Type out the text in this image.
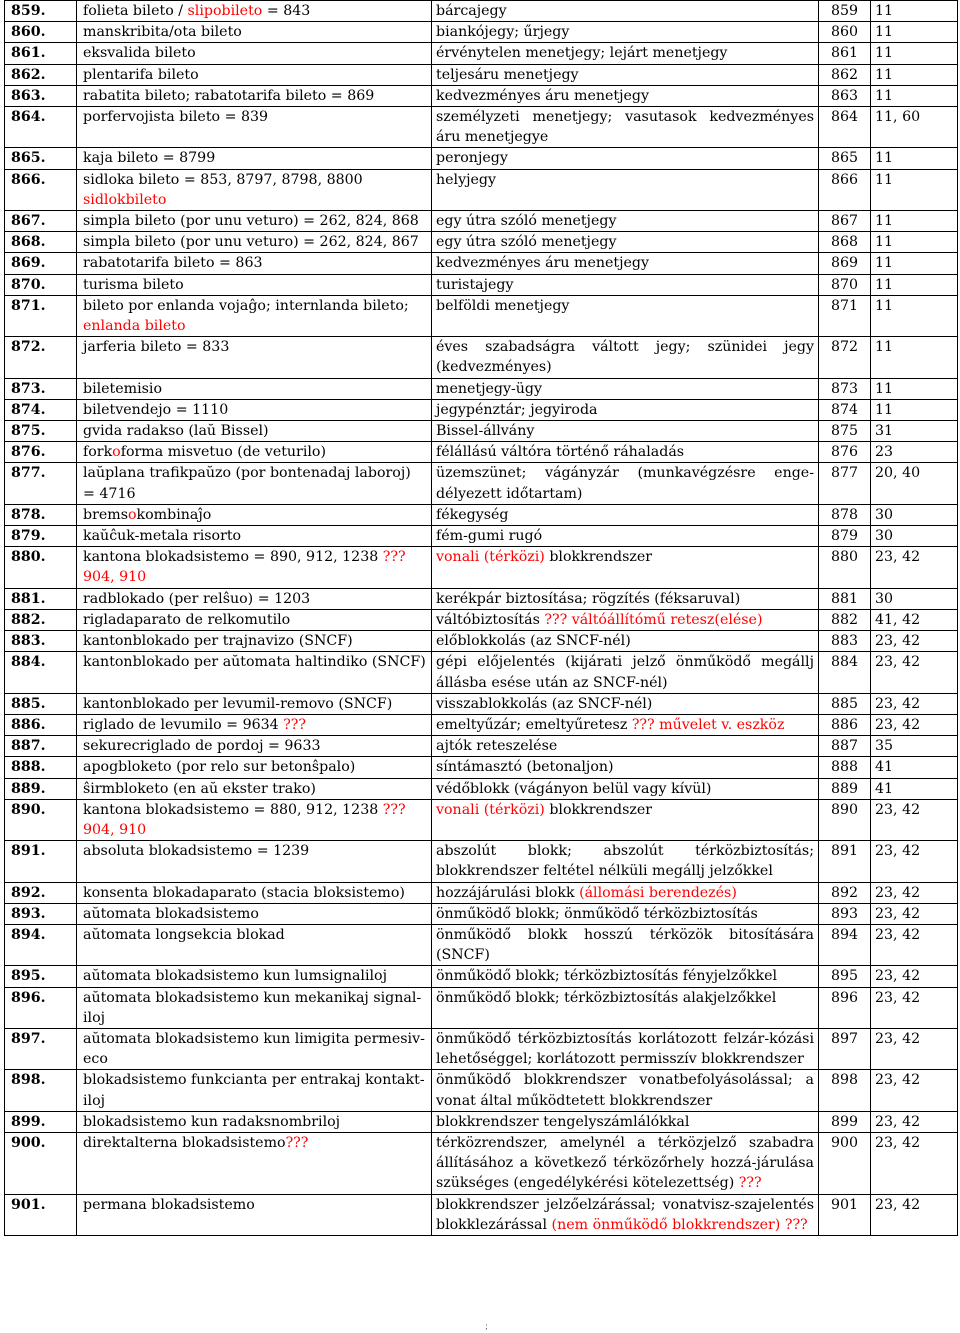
859.	folieta bileto / slipobileto = 843	bárcajegy	859	11
860.	manskribita/ota bileto	biankójegy; űrjegy	860	11
861.	eksvalida bileto	érvénytelen menetjegy; lejárt menetjegy	861	11
862.	plentarifa bileto	teljesáru menetjegy	862	11
863.	rabatita bileto; rabatotarifa bileto = 869	kedvezményes áru menetjegy	863	11
864.	porfervojista bileto = 839	személyzeti menetjegy; vasutasok kedvezményes áru menetjegye	864	11, 60
865.	kaja bileto = 8799	peronjegy	865	11
866.	sidloka bileto = 853, 8797, 8798, 8800 sidlokbileto	helyjegy	866	11
867.	simpla bileto (por unu veturo) = 262, 824, 868	egy útra szóló menetjegy	867	11
868.	simpla bileto (por unu veturo) = 262, 824, 867	egy útra szóló menetjegy	868	11
869.	rabatotarifa bileto = 863	kedvezményes áru menetjegy	869	11
870.	turisma bileto	turistajegy	870	11
871.	bileto por enlanda vojaĝo; internlanda bileto; enlanda bileto	belföldi menetjegy	871	11
872.	jarferia bileto = 833	éves szabadságra váltott jegy; szünidei jegy (kedvezményes)	872	11
873.	biletemisio	menetjegy-ügy	873	11
874.	biletvendejo = 1110	jegypénztár; jegyiroda	874	11
875.	gvida radakso (laŭ Bissel)	Bissel-állvány	875	31
876.	forkoforma misvetuo (de veturilo)	félállású váltóra történő ráhaladás	876	23
877.	laŭplana trafikpaŭzo (por bontenadaj laboroj) = 4716	üzemszünet; vágányzár (munkavégzésre enge-délyezett időtartam)	877	20, 40
878.	bremsokombinaĵo	fékegység	878	30
879.	kaŭĉuk-metala risorto	fém-gumi rugó	879	30
880.	kantona blokadsistemo = 890, 912, 1238 ??? 904, 910	vonali (térközi) blokkrendszer	880	23, 42
881.	radblokado (per relŝuo) = 1203	kerékpár biztosítása; rögzítés (féksaruval)	881	30
882.	rigladaparato de relkomutilo	váltóbiztosítás ??? váltóállítómű retesz(elése)	882	41, 42
883.	kantonblokado per trajnavizo (SNCF)	előblokkolás (az SNCF-nél)	883	23, 42
884.	kantonblokado per aŭtomata haltindiko (SNCF)	gépi előjelentés (kijárati jelző önműködő megállj állásba esése után az SNCF-nél)	884	23, 42
885.	kantonblokado per levumil-removo (SNCF)	visszablokkolás (az SNCF-nél)	885	23, 42
886.	riglado de levumilo = 9634 ???	emeltyűzár; emeltyűretesz ??? művelet v. eszköz	886	23, 42
887.	sekurecriglado de pordoj = 9633	ajtók reteszelése	887	35
888.	apogbloketo (por relo sur betonŝpalo)	síntámasztó (betonaljon)	888	41
889.	ŝirmbloketo (en aŭ ekster trako)	védőblokk (vágányon belül vagy kívül)	889	41
890.	kantona blokadsistemo = 880, 912, 1238 ??? 904, 910	vonali (térközi) blokkrendszer	890	23, 42
891.	absoluta blokadsistemo = 1239	abszolút blokk; abszolút térközbiztosítás; blokkrendszer feltétel nélküli megállj jelzőkkel	891	23, 42
892.	konsenta blokadaparato (stacia bloksistemo)	hozzájárulási blokk (állomási berendezés)	892	23, 42
893.	aŭtomata blokadsistemo	önműködő blokk; önműködő térközbiztosítás	893	23, 42
894.	aŭtomata longsekcia blokad	önműködő blokk hosszú térközök bitosítására (SNCF)	894	23, 42
895.	aŭtomata blokadsistemo kun lumsignaliloj	önműködő blokk; térközbiztosítás fényjelzőkkel	895	23, 42
896.	aŭtomata blokadsistemo kun mekanikaj signal-iloj	önműködő blokk; térközbiztosítás alakjelzőkkel	896	23, 42
897.	aŭtomata blokadsistemo kun limigita permesiv-eco	önműködő térközbiztosítás korlátozott felzár-kózási lehetőséggel; korlátozott permisszív blokkrendszer	897	23, 42
898.	blokadsistemo funkcianta per entrakaj kontakt-iloj	önműködő blokkrendszer vonatbefolyásolással; a vonat által működtetett blokkrendszer	898	23, 42
899.	blokadsistemo kun radaksnombriloj	blokkrendszer tengelyszámlálókkal	899	23, 42
900.	direktalterna blokadsistemo???	térközrendszer, amelynél a térközjelző szabadra állításához a következő térközőrhely hozzá-járulása szükséges (engedélykérési kötelezettség) ???	900	23, 42
901.	permana blokadsistemo	blokkrendszer jelzőelzárással; vonatvisz-szajelentés blokklezárással (nem önműködő blokkrendszer) ???	901	23, 42
;
